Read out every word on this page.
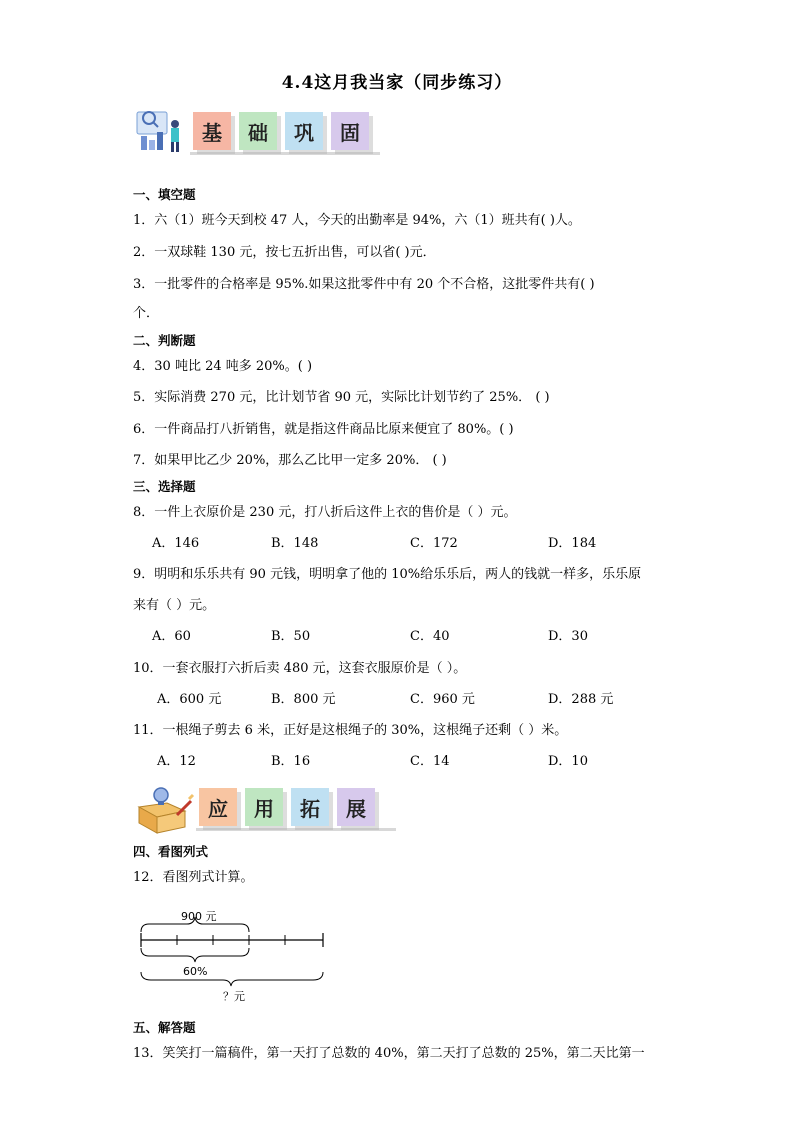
4.4这月我当家（同步练习）
基	础	巩	固
一、填空题
1．六（1）班今天到校 47 人，今天的出勤率是 94%，六（1）班共有( )人。
2．一双球鞋 130 元，按七五折出售，可以省( )元．
3．一批零件的合格率是 95%.如果这批零件中有 20 个不合格，这批零件共有( )
个．
二、判断题
4．30 吨比 24 吨多 20%。( )
5．实际消费 270 元，比计划节省 90 元，实际比计划节约了 25%． ( )
6．一件商品打八折销售，就是指这件商品比原来便宜了 80%。( )
7．如果甲比乙少 20%，那么乙比甲一定多 20%． ( )
三、选择题
8．一件上衣原价是 230 元，打八折后这件上衣的售价是（ ）元。
A．146	B．148	C．172	D．184
9．明明和乐乐共有 90 元钱，明明拿了他的 10%给乐乐后，两人的钱就一样多，乐乐原
来有（ ）元。
A．60	B．50	C．40	D．30
10．一套衣服打六折后卖 480 元，这套衣服原价是（ ）。
A．600 元	B．800 元	C．960 元	D．288 元
11．一根绳子剪去 6 米，正好是这根绳子的 30%，这根绳子还剩（ ）米。
A．12	B．16	C．14	D．10
应	用	拓	展
四、看图列式
12．看图列式计算。
900 元
60%
？元
五、解答题
13．笑笑打一篇稿件，第一天打了总数的 40%，第二天打了总数的 25%，第二天比第一
